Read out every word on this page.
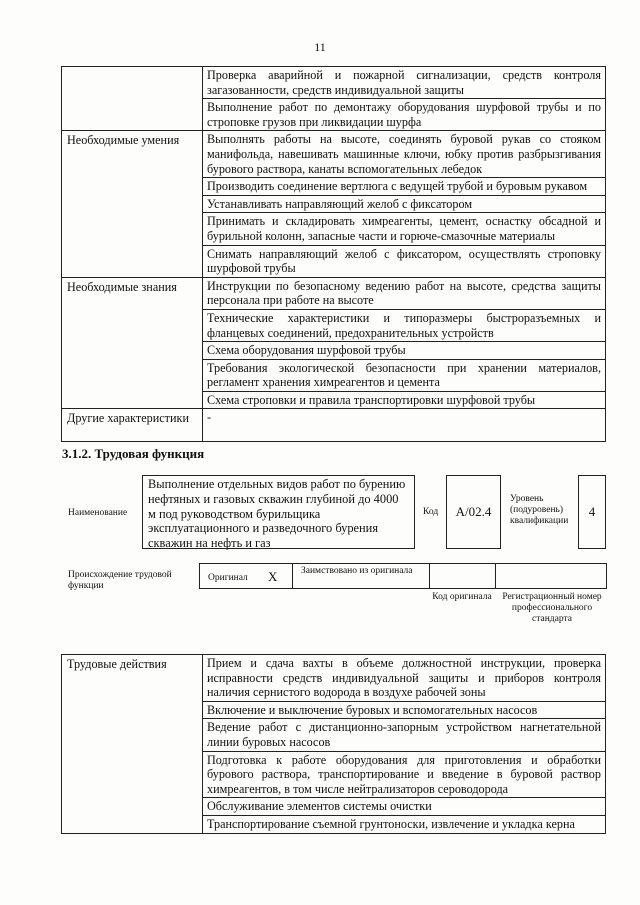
11
	Проверка аварийной и пожарной сигнализации, средств контроля загазованности, средств индивидуальной защиты
	Выполнение работ по демонтажу оборудования шурфовой трубы и по строповке грузов при ликвидации шурфа
Необходимые умения	Выполнять работы на высоте, соединять буровой рукав со стояком манифольда, навешивать машинные ключи, юбку против разбрызгивания бурового раствора, канаты вспомогательных лебедок
	Производить соединение вертлюга с ведущей трубой и буровым рукавом
	Устанавливать направляющий желоб с фиксатором
	Принимать и складировать химреагенты, цемент, оснастку обсадной и бурильной колонн, запасные части и горюче-смазочные материалы
	Снимать направляющий желоб с фиксатором, осуществлять строповку шурфовой трубы
Необходимые знания	Инструкции по безопасному ведению работ на высоте, средства защиты персонала при работе на высоте
	Технические характеристики и типоразмеры быстроразъемных и фланцевых соединений, предохранительных устройств
	Схема оборудования шурфовой трубы
	Требования экологической безопасности при хранении материалов, регламент хранения химреагентов и цемента
	Схема строповки и правила транспортировки шурфовой трубы
Другие характеристики	-
3.1.2. Трудовая функция
Наименование
Выполнение отдельных видов работ по бурению нефтяных и газовых скважин глубиной до 4000 м под руководством бурильщика эксплуатационного и разведочного бурения скважин на нефть и газ
Код А/02.4
Уровень (подуровень) квалификации
4
Происхождение трудовой функции
Оригинал X Заимствовано из оригинала
Код оригинала Регистрационный номер профессионального стандарта
Трудовые действия	Прием и сдача вахты в объеме должностной инструкции, проверка исправности средств индивидуальной защиты и приборов контроля наличия сернистого водорода в воздухе рабочей зоны
Включение и выключение буровых и вспомогательных насосов
Ведение работ с дистанционно-запорным устройством нагнетательной линии буровых насосов
Подготовка к работе оборудования для приготовления и обработки бурового раствора, транспортирование и введение в буровой раствор химреагентов, в том числе нейтрализаторов сероводорода
Обслуживание элементов системы очистки
Транспортирование съемной грунтоноски, извлечение и укладка керна
